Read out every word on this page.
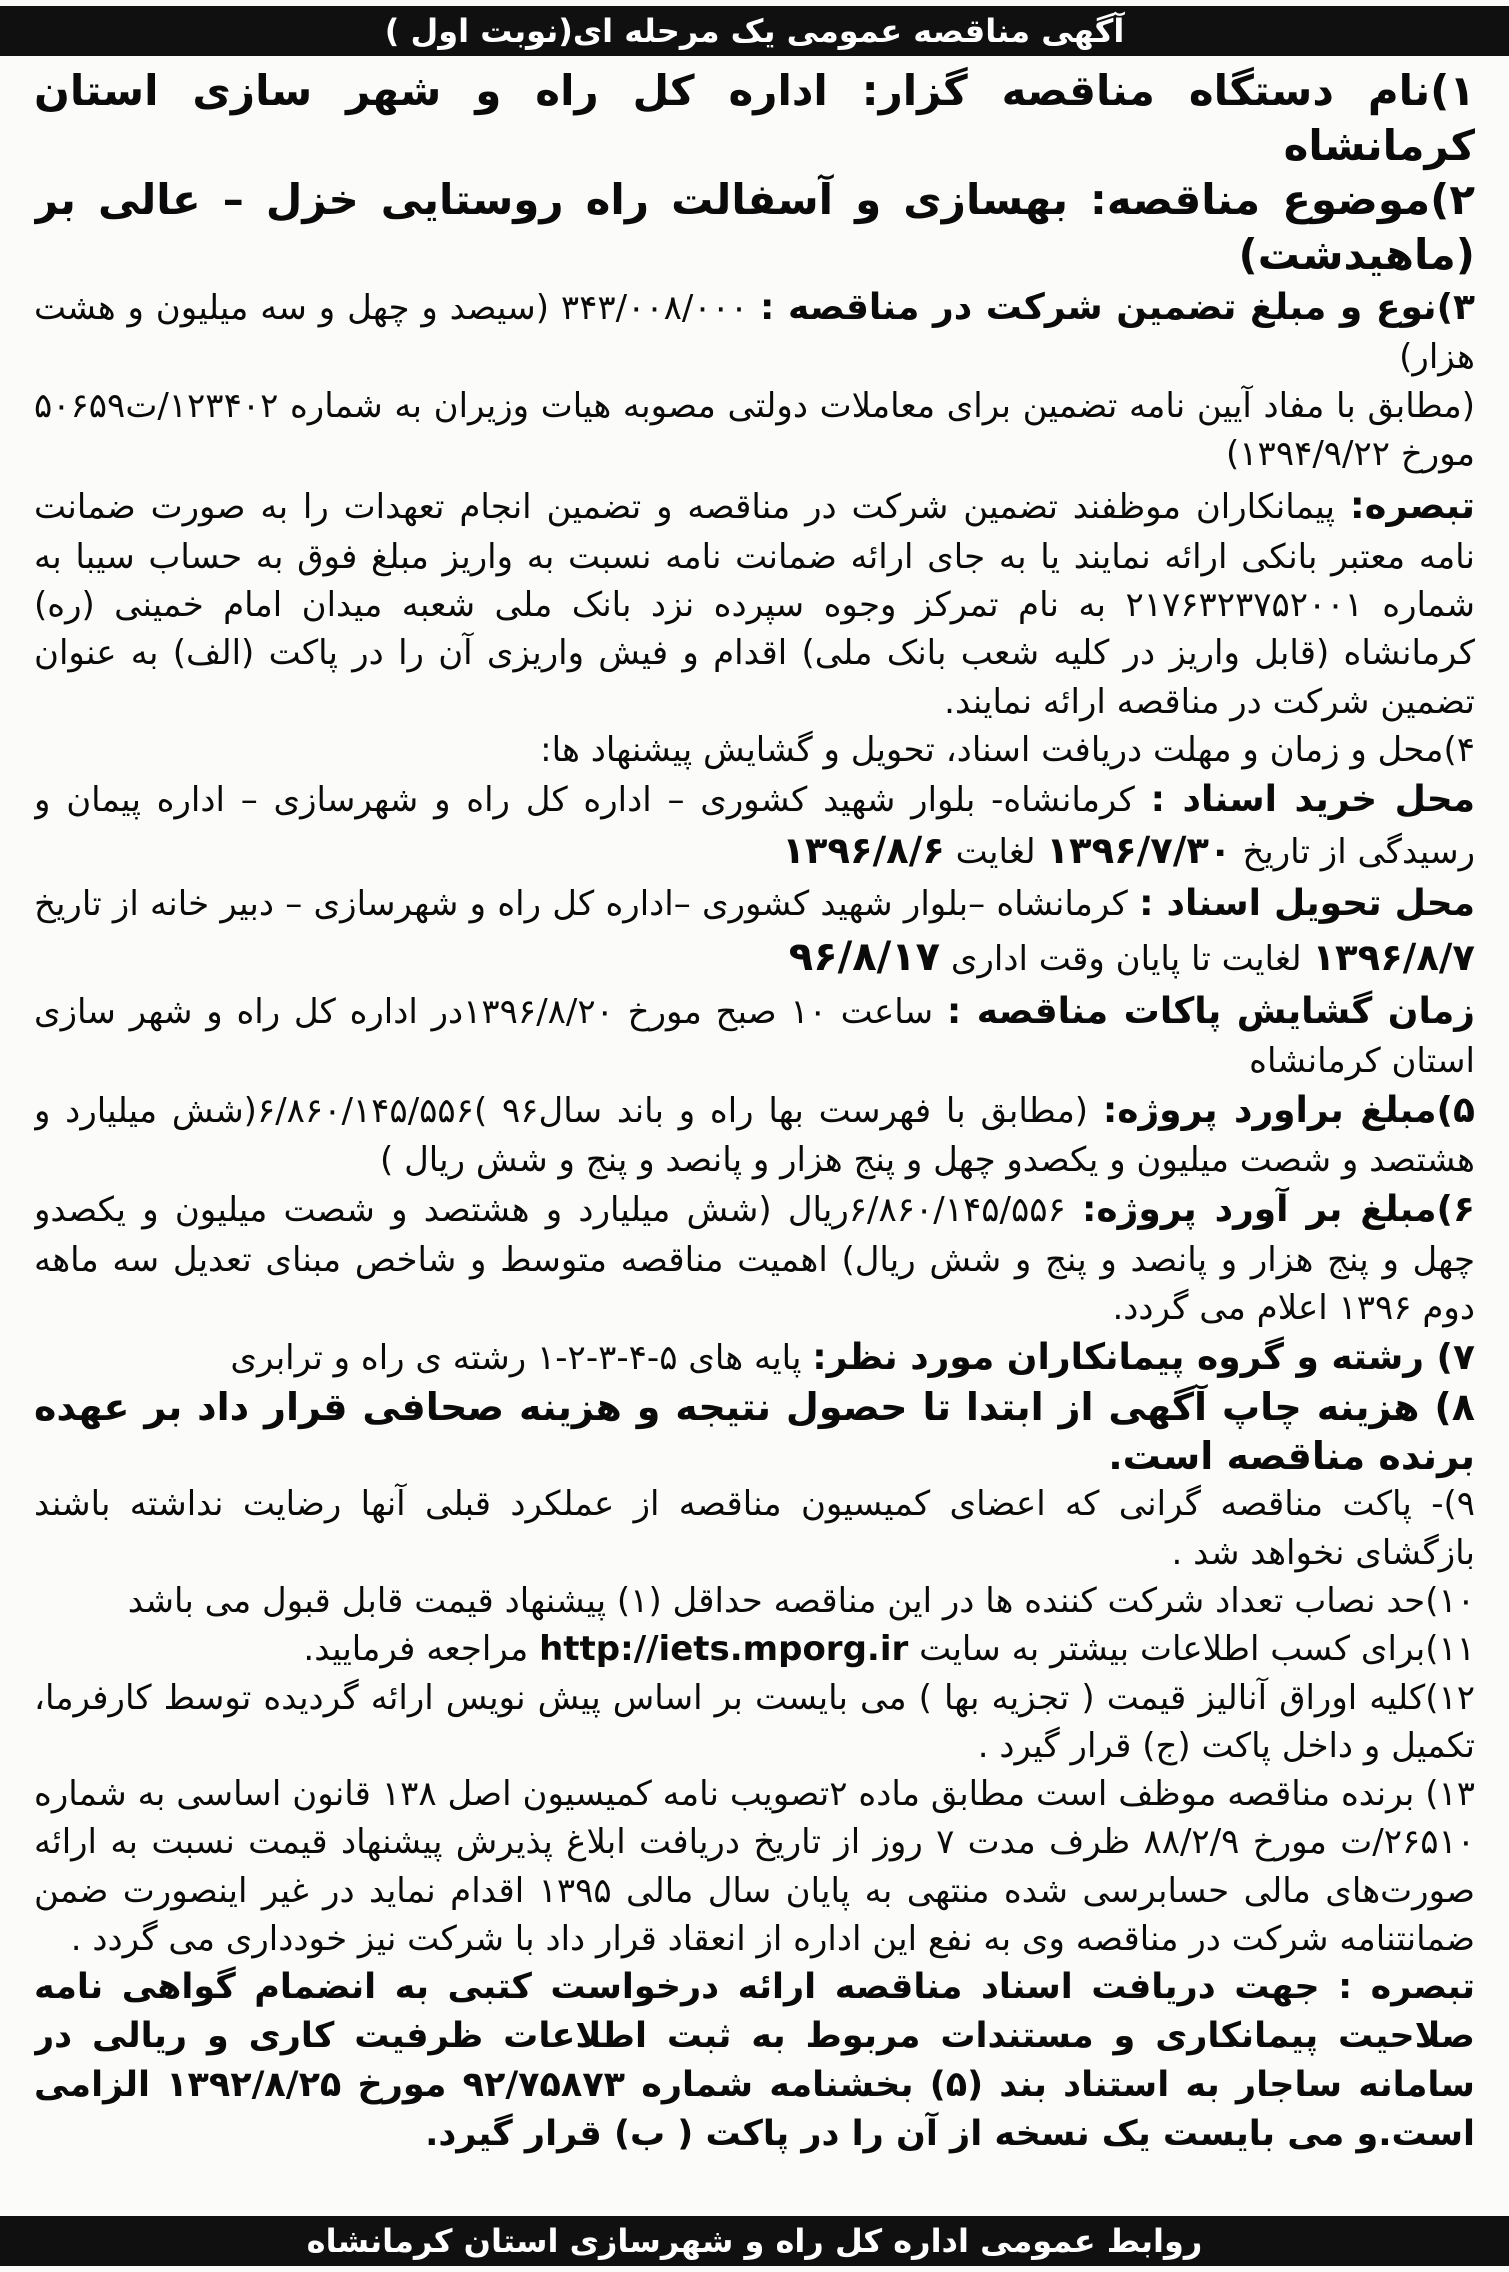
آگهی مناقصه عمومی یک مرحله ای(نوبت اول )

۱)نام دستگاه مناقصه گزار: اداره کل راه و شهر سازی استان کرمانشاه

۲)موضوع مناقصه: بهسازی و آسفالت راه روستایی خزل – عالی بر (ماهیدشت)

۳)نوع و مبلغ تضمین شرکت در مناقصه : ۳۴۳/۰۰۸/۰۰۰ (سیصد و چهل و سه میلیون و هشت هزار)

(مطابق با مفاد آیین نامه تضمین برای معاملات دولتی مصوبه هیات وزیران به شماره ۱۲۳۴۰۲/ت۵۰۶۵۹ مورخ ۱۳۹۴/۹/۲۲)

تبصره: پیمانکاران موظفند تضمین شرکت در مناقصه و تضمین انجام تعهدات را به صورت ضمانت نامه معتبر بانکی ارائه نمایند یا به جای ارائه ضمانت نامه نسبت به واریز مبلغ فوق به حساب سیبا به شماره ۲۱۷۶۳۲۳۷۵۲۰۰۱ به نام تمرکز وجوه سپرده نزد بانک ملی شعبه میدان امام خمینی (ره) کرمانشاه (قابل واریز در کلیه شعب بانک ملی) اقدام و فیش واریزی آن را در پاکت (الف) به عنوان تضمین شرکت در مناقصه ارائه نمایند.

۴)محل و زمان و مهلت دریافت اسناد، تحویل و گشایش پیشنهاد ها:

محل خرید اسناد : کرمانشاه- بلوار شهید کشوری – اداره کل راه و شهرسازی – اداره پیمان و رسیدگی از تاریخ ۱۳۹۶/۷/۳۰ لغایت ۱۳۹۶/۸/۶

محل تحویل اسناد : کرمانشاه –بلوار شهید کشوری –اداره کل راه و شهرسازی – دبیر خانه از تاریخ ۱۳۹۶/۸/۷ لغایت تا پایان وقت اداری ۹۶/۸/۱۷

زمان گشایش پاکات مناقصه : ساعت ۱۰ صبح مورخ ۱۳۹۶/۸/۲۰در اداره کل راه و شهر سازی استان کرمانشاه

۵)مبلغ براورد پروژه: (مطابق با فهرست بها راه و باند سال۹۶ )۶/۸۶۰/۱۴۵/۵۵۶(شش میلیارد و هشتصد و شصت میلیون و یکصدو چهل و پنج هزار و پانصد و پنج و شش ریال )

۶)مبلغ بر آورد پروژه: ۶/۸۶۰/۱۴۵/۵۵۶ریال (شش میلیارد و هشتصد و شصت میلیون و یکصدو چهل و پنج هزار و پانصد و پنج و شش ریال) اهمیت مناقصه متوسط و شاخص مبنای تعدیل سه ماهه دوم ۱۳۹۶ اعلام می گردد.

۷) رشته و گروه پیمانکاران مورد نظر: پایه های ۵-۴-۳-۲-۱ رشته ی راه و ترابری

۸) هزینه چاپ آگهی از ابتدا تا حصول نتیجه و هزینه صحافی قرار داد بر عهده برنده مناقصه است.

۹)- پاکت مناقصه گرانی که اعضای کمیسیون مناقصه از عملکرد قبلی آنها رضایت نداشته باشند بازگشای نخواهد شد .

۱۰)حد نصاب تعداد شرکت کننده ها در این مناقصه حداقل (۱) پیشنهاد قیمت قابل قبول می باشد

۱۱)برای کسب اطلاعات بیشتر به سایت http://iets.mporg.ir مراجعه فرمایید.

۱۲)کلیه اوراق آنالیز قیمت ( تجزیه بها ) می بایست بر اساس پیش نویس ارائه گردیده توسط کارفرما، تکمیل و داخل پاکت (ج) قرار گیرد .

۱۳) برنده مناقصه موظف است مطابق ماده ۲تصویب نامه کمیسیون اصل ۱۳۸ قانون اساسی به شماره ۲۶۵۱۰/ت مورخ ۸۸/۲/۹ ظرف مدت ۷ روز از تاریخ دریافت ابلاغ پذیرش پیشنهاد قیمت نسبت به ارائه صورت‌های مالی حسابرسی شده منتهی به پایان سال مالی ۱۳۹۵ اقدام نماید در غیر اینصورت ضمن ضمانتنامه شرکت در مناقصه وی به نفع این اداره از انعقاد قرار داد با شرکت نیز خودداری می گردد .

تبصره : جهت دریافت اسناد مناقصه ارائه درخواست کتبی به انضمام گواهی نامه صلاحیت پیمانکاری و مستندات مربوط به ثبت اطلاعات ظرفیت کاری و ریالی در سامانه ساجار به استناد بند (۵) بخشنامه شماره ۹۲/۷۵۸۷۳ مورخ ۱۳۹۲/۸/۲۵ الزامی است.و می بایست یک نسخه از آن را در پاکت ( ب) قرار گیرد.

روابط عمومی اداره کل راه و شهرسازی استان کرمانشاه
